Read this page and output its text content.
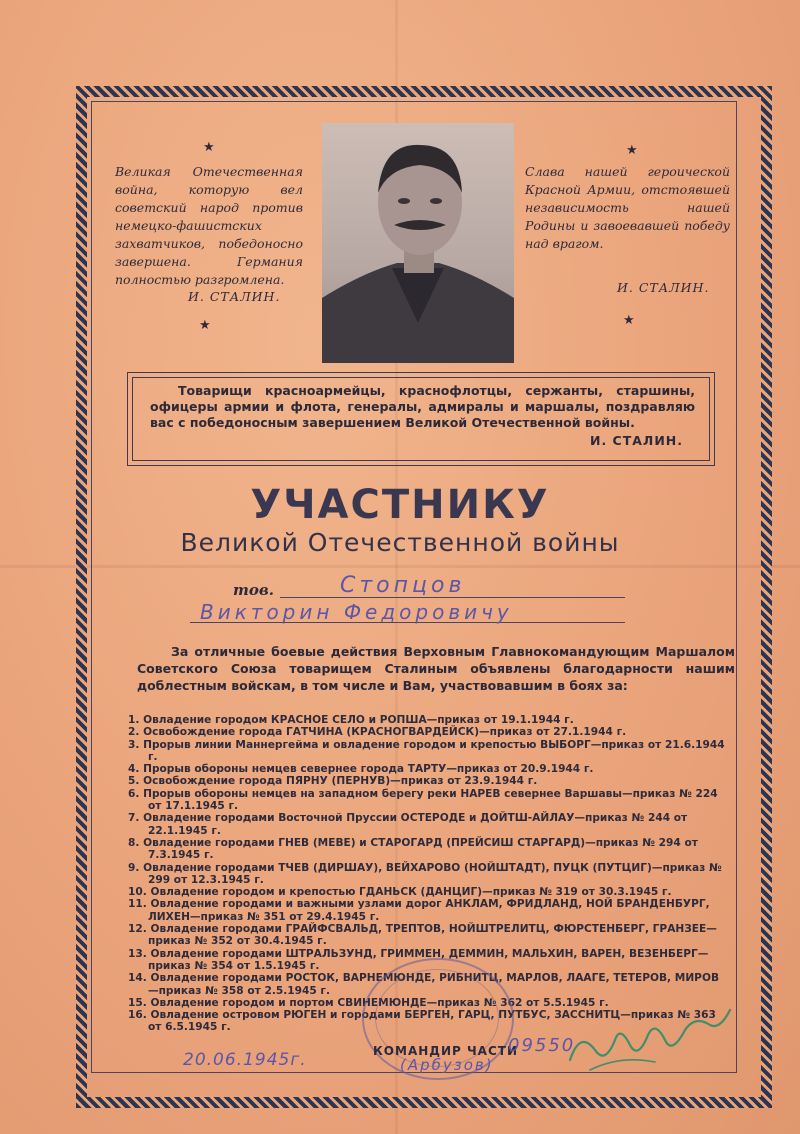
★
★
★
★
Великая Отечественная война, которую вел советский народ против немецко-фашистских захватчиков, победоносно завершена. Германия полностью разгромлена.
И. СТАЛИН.
Слава нашей героической Красной Армии, отстоявшей независимость нашей Родины и завоевавшей победу над врагом.
И. СТАЛИН.
Товарищи красноармейцы, краснофлотцы, сержанты, старшины, офицеры армии и флота, генералы, адмиралы и маршалы, поздравляю вас с победоносным завершением Великой Отечественной войны.
И. СТАЛИН.
УЧАСТНИКУ
Великой Отечественной войны
тов.	Стопцов
Викторин Федоровичу
За отличные боевые действия Верховным Главнокомандующим Маршалом Советского Союза товарищем Сталиным объявлены благодарности нашим доблестным войскам, в том числе и Вам, участвовавшим в боях за:
1. Овладение городом КРАСНОЕ СЕЛО и РОПША—приказ от 19.1.1944 г.
2. Освобождение города ГАТЧИНА (КРАСНОГВАРДЕЙСК)—приказ от 27.1.1944 г.
3. Прорыв линии Маннергейма и овладение городом и крепостью ВЫБОРГ—приказ от 21.6.1944 г.
4. Прорыв обороны немцев севернее города ТАРТУ—приказ от 20.9.1944 г.
5. Освобождение города ПЯРНУ (ПЕРНУВ)—приказ от 23.9.1944 г.
6. Прорыв обороны немцев на западном берегу реки НАРЕВ севернее Варшавы—приказ № 224 от 17.1.1945 г.
7. Овладение городами Восточной Пруссии ОСТЕРОДЕ и ДОЙТШ-АЙЛАУ—приказ № 244 от 22.1.1945 г.
8. Овладение городами ГНЕВ (МЕВЕ) и СТАРОГАРД (ПРЕЙСИШ СТАРГАРД)—приказ № 294 от 7.3.1945 г.
9. Овладение городами ТЧЕВ (ДИРШАУ), ВЕЙХАРОВО (НОЙШТАДТ), ПУЦК (ПУТЦИГ)—приказ № 299 от 12.3.1945 г.
10. Овладение городом и крепостью ГДАНЬСК (ДАНЦИГ)—приказ № 319 от 30.3.1945 г.
11. Овладение городами и важными узлами дорог АНКЛАМ, ФРИДЛАНД, НОЙ БРАНДЕНБУРГ, ЛИХЕН—приказ № 351 от 29.4.1945 г.
12. Овладение городами ГРАЙФСВАЛЬД, ТРЕПТОВ, НОЙШТРЕЛИТЦ, ФЮРСТЕНБЕРГ, ГРАНЗЕЕ—приказ № 352 от 30.4.1945 г.
13. Овладение городами ШТРАЛЬЗУНД, ГРИММЕН, ДЕММИН, МАЛЬХИН, ВАРЕН, ВЕЗЕНБЕРГ—приказ № 354 от 1.5.1945 г.
14. Овладение городами РОСТОК, ВАРНЕМЮНДЕ, РИБНИТЦ, МАРЛОВ, ЛААГЕ, ТЕТЕРОВ, МИРОВ—приказ № 358 от 2.5.1945 г.
15. Овладение городом и портом СВИНЕМЮНДЕ—приказ № 362 от 5.5.1945 г.
16. Овладение островом РЮГЕН и городами БЕРГЕН, ГАРЦ, ПУТБУС, ЗАССНИТЦ—приказ № 363 от 6.5.1945 г.
20.06.1945г.	КОМАНДИР ЧАСТИ
09550
(Арбузов)
